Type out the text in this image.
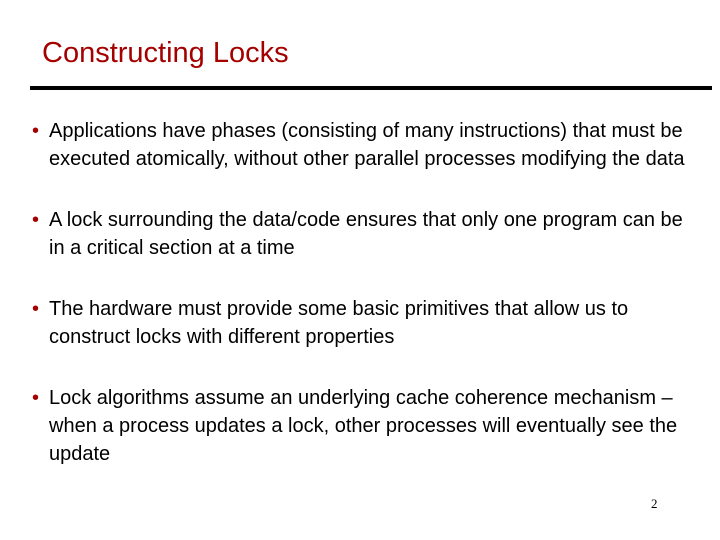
Constructing Locks
• Applications have phases (consisting of many instructions) that must be executed atomically, without other parallel processes modifying the data
• A lock surrounding the data/code ensures that only one program can be in a critical section at a time
• The hardware must provide some basic primitives that allow us to construct locks with different properties
• Lock algorithms assume an underlying cache coherence mechanism – when a process updates a lock, other processes will eventually see the update
2
